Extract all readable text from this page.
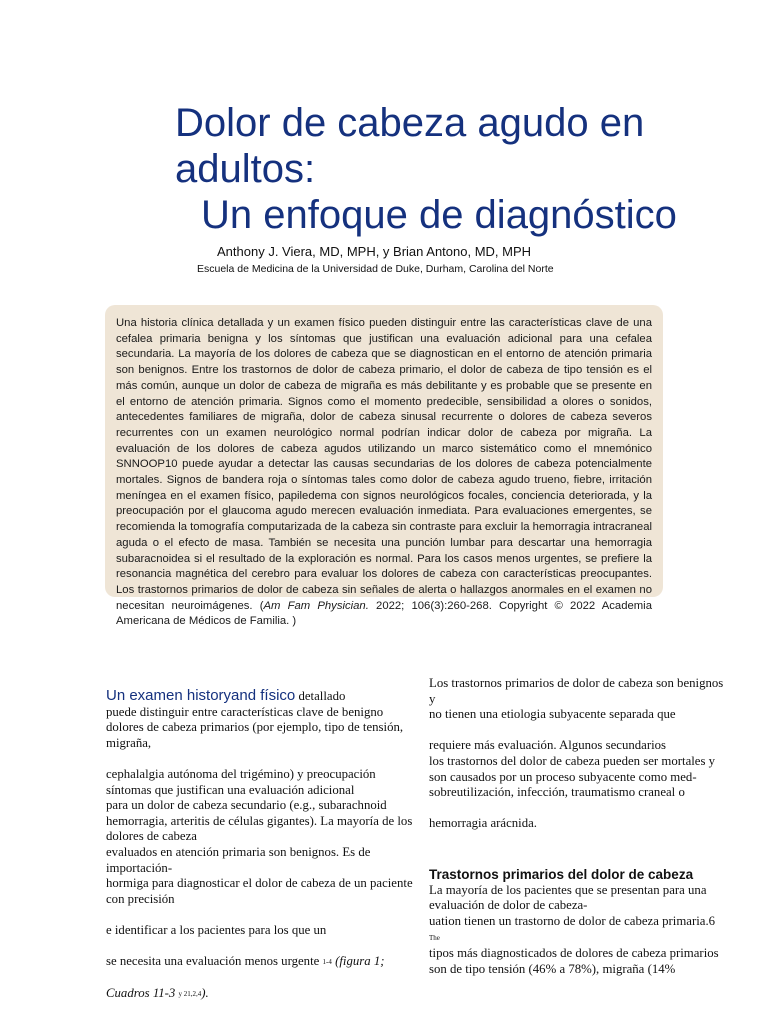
Dolor de cabeza agudo en
adultos:
Un enfoque de diagnóstico
Anthony J. Viera, MD, MPH, y Brian Antono, MD, MPH
Escuela de Medicina de la Universidad de Duke, Durham, Carolina del Norte

Una historia clínica detallada y un examen físico pueden distinguir entre las características clave de una cefalea primaria benigna y los síntomas que justifican una evaluación adicional para una cefalea secundaria. La mayoría de los dolores de cabeza que se diagnostican en el entorno de atención primaria son benignos. Entre los trastornos de dolor de cabeza primario, el dolor de cabeza de tipo tensión es el más común, aunque un dolor de cabeza de migraña es más debilitante y es probable que se presente en el entorno de atención primaria. Signos como el momento predecible, sensibilidad a olores o sonidos, antecedentes familiares de migraña, dolor de cabeza sinusal recurrente o dolores de cabeza severos recurrentes con un examen neurológico normal podrían indicar dolor de cabeza por migraña. La evaluación de los dolores de cabeza agudos utilizando un marco sistemático como el mnemónico SNNOOP10 puede ayudar a detectar las causas secundarias de los dolores de cabeza potencialmente mortales. Signos de bandera roja o síntomas tales como dolor de cabeza agudo trueno, fiebre, irritación meníngea en el examen físico, papiledema con signos neurológicos focales, conciencia deteriorada, y la preocupación por el glaucoma agudo merecen evaluación inmediata. Para evaluaciones emergentes, se recomienda la tomografía computarizada de la cabeza sin contraste para excluir la hemorragia intracraneal aguda o el efecto de masa. También se necesita una punción lumbar para descartar una hemorragia subaracnoidea si el resultado de la exploración es normal. Para los casos menos urgentes, se prefiere la resonancia magnética del cerebro para evaluar los dolores de cabeza con características preocupantes. Los trastornos primarios de dolor de cabeza sin señales de alerta o hallazgos anormales en el examen no necesitan neuroimágenes. (Am Fam Physician. 2022; 106(3):260-268. Copyright © 2022 Academia Americana de Médicos de Familia. )

Un examen historyand físico detallado

puede distinguir entre características clave de benigno dolores de cabeza primarios (por ejemplo, tipo de tensión, migraña,

cephalalgia autónoma del trigémino) y preocupación síntomas que justifican una evaluación adicional

para un dolor de cabeza secundario (e.g., subarachnoid hemorragia, arteritis de células gigantes). La mayoría de los dolores de cabeza

evaluados en atención primaria son benignos. Es de importación-

hormiga para diagnosticar el dolor de cabeza de un paciente con precisión

e identificar a los pacientes para los que un

se necesita una evaluación menos urgente 1-4 (figura 1;

Cuadros 11-3 y 21,2,4).

Los trastornos primarios de dolor de cabeza son benignos y

no tienen una etiologia subyacente separada que

requiere más evaluación. Algunos secundarios

los trastornos del dolor de cabeza pueden ser mortales y

son causados por un proceso subyacente como med-

sobreutilización, infección, traumatismo craneal o

hemorragia arácnida.

Trastornos primarios del dolor de cabeza

La mayoría de los pacientes que se presentan para una evaluación de dolor de cabeza-

uation tienen un trastorno de dolor de cabeza primaria.6 The

tipos más diagnosticados de dolores de cabeza primarios

son de tipo tensión (46% a 78%), migraña (14%
